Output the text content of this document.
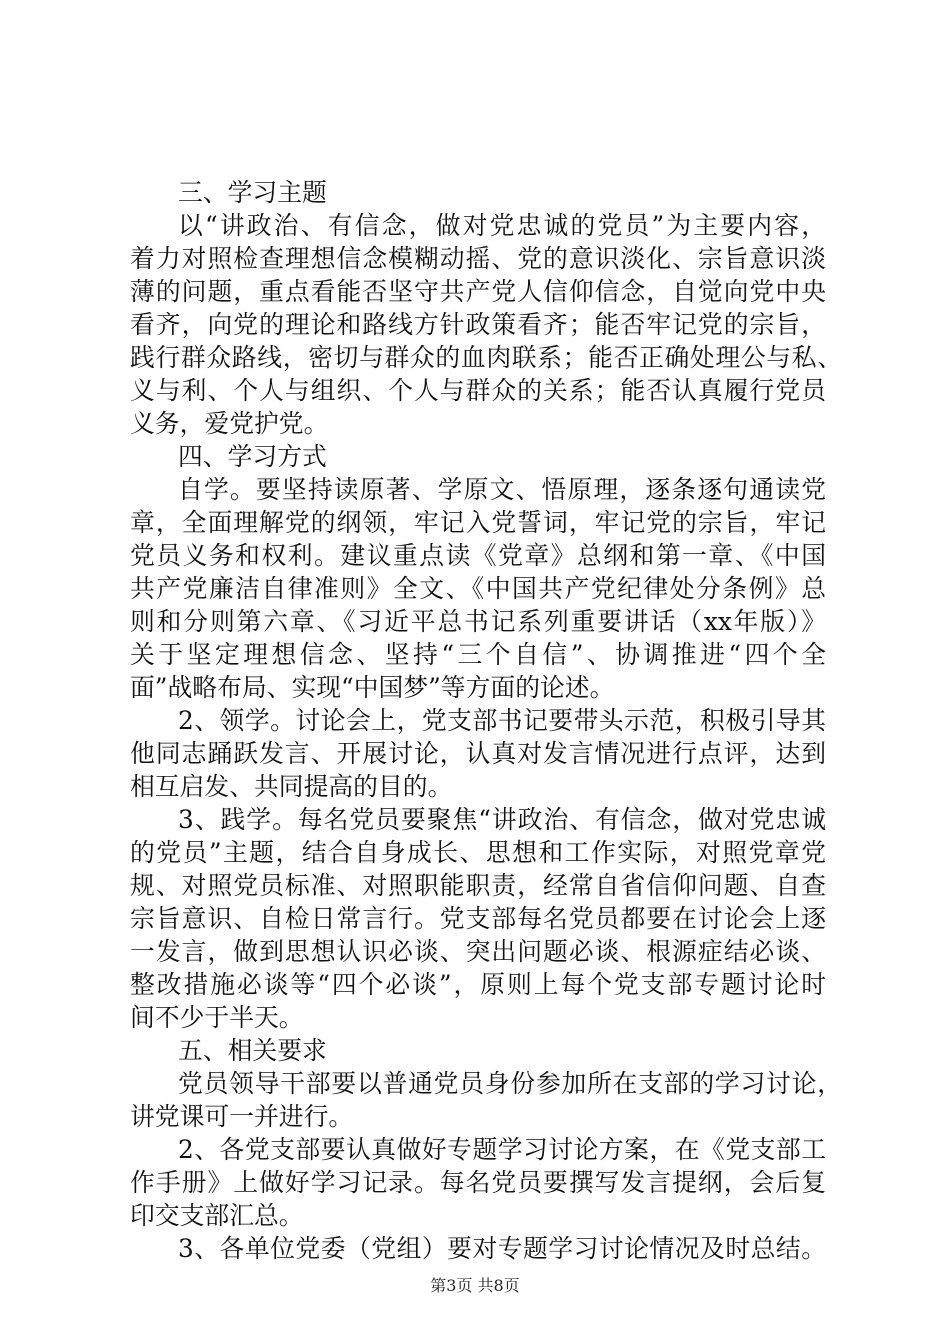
三、学习主题

以“讲政治、有信念，做对党忠诚的党员”为主要内容，

着力对照检查理想信念模糊动摇、党的意识淡化、宗旨意识淡

薄的问题，重点看能否坚守共产党人信仰信念，自觉向党中央

看齐，向党的理论和路线方针政策看齐；能否牢记党的宗旨，

践行群众路线，密切与群众的血肉联系；能否正确处理公与私、

义与利、个人与组织、个人与群众的关系；能否认真履行党员

义务，爱党护党。

四、学习方式

自学。要坚持读原著、学原文、悟原理，逐条逐句通读党

章，全面理解党的纲领，牢记入党誓词，牢记党的宗旨，牢记

党员义务和权利。建议重点读《党章》总纲和第一章、《中国

共产党廉洁自律准则》全文、《中国共产党纪律处分条例》总

则和分则第六章、《习近平总书记系列重要讲话（xx年版）》

关于坚定理想信念、坚持“三个自信”、协调推进“四个全

面”战略布局、实现“中国梦”等方面的论述。

2、领学。讨论会上，党支部书记要带头示范，积极引导其

他同志踊跃发言、开展讨论，认真对发言情况进行点评，达到

相互启发、共同提高的目的。

3、践学。每名党员要聚焦“讲政治、有信念，做对党忠诚

的党员”主题，结合自身成长、思想和工作实际，对照党章党

规、对照党员标准、对照职能职责，经常自省信仰问题、自查

宗旨意识、自检日常言行。党支部每名党员都要在讨论会上逐

一发言，做到思想认识必谈、突出问题必谈、根源症结必谈、

整改措施必谈等“四个必谈”，原则上每个党支部专题讨论时

间不少于半天。

五、相关要求

党员领导干部要以普通党员身份参加所在支部的学习讨论，

讲党课可一并进行。

2、各党支部要认真做好专题学习讨论方案，在《党支部工

作手册》上做好学习记录。每名党员要撰写发言提纲，会后复

印交支部汇总。

3、各单位党委（党组）要对专题学习讨论情况及时总结。

第3页 共8页
